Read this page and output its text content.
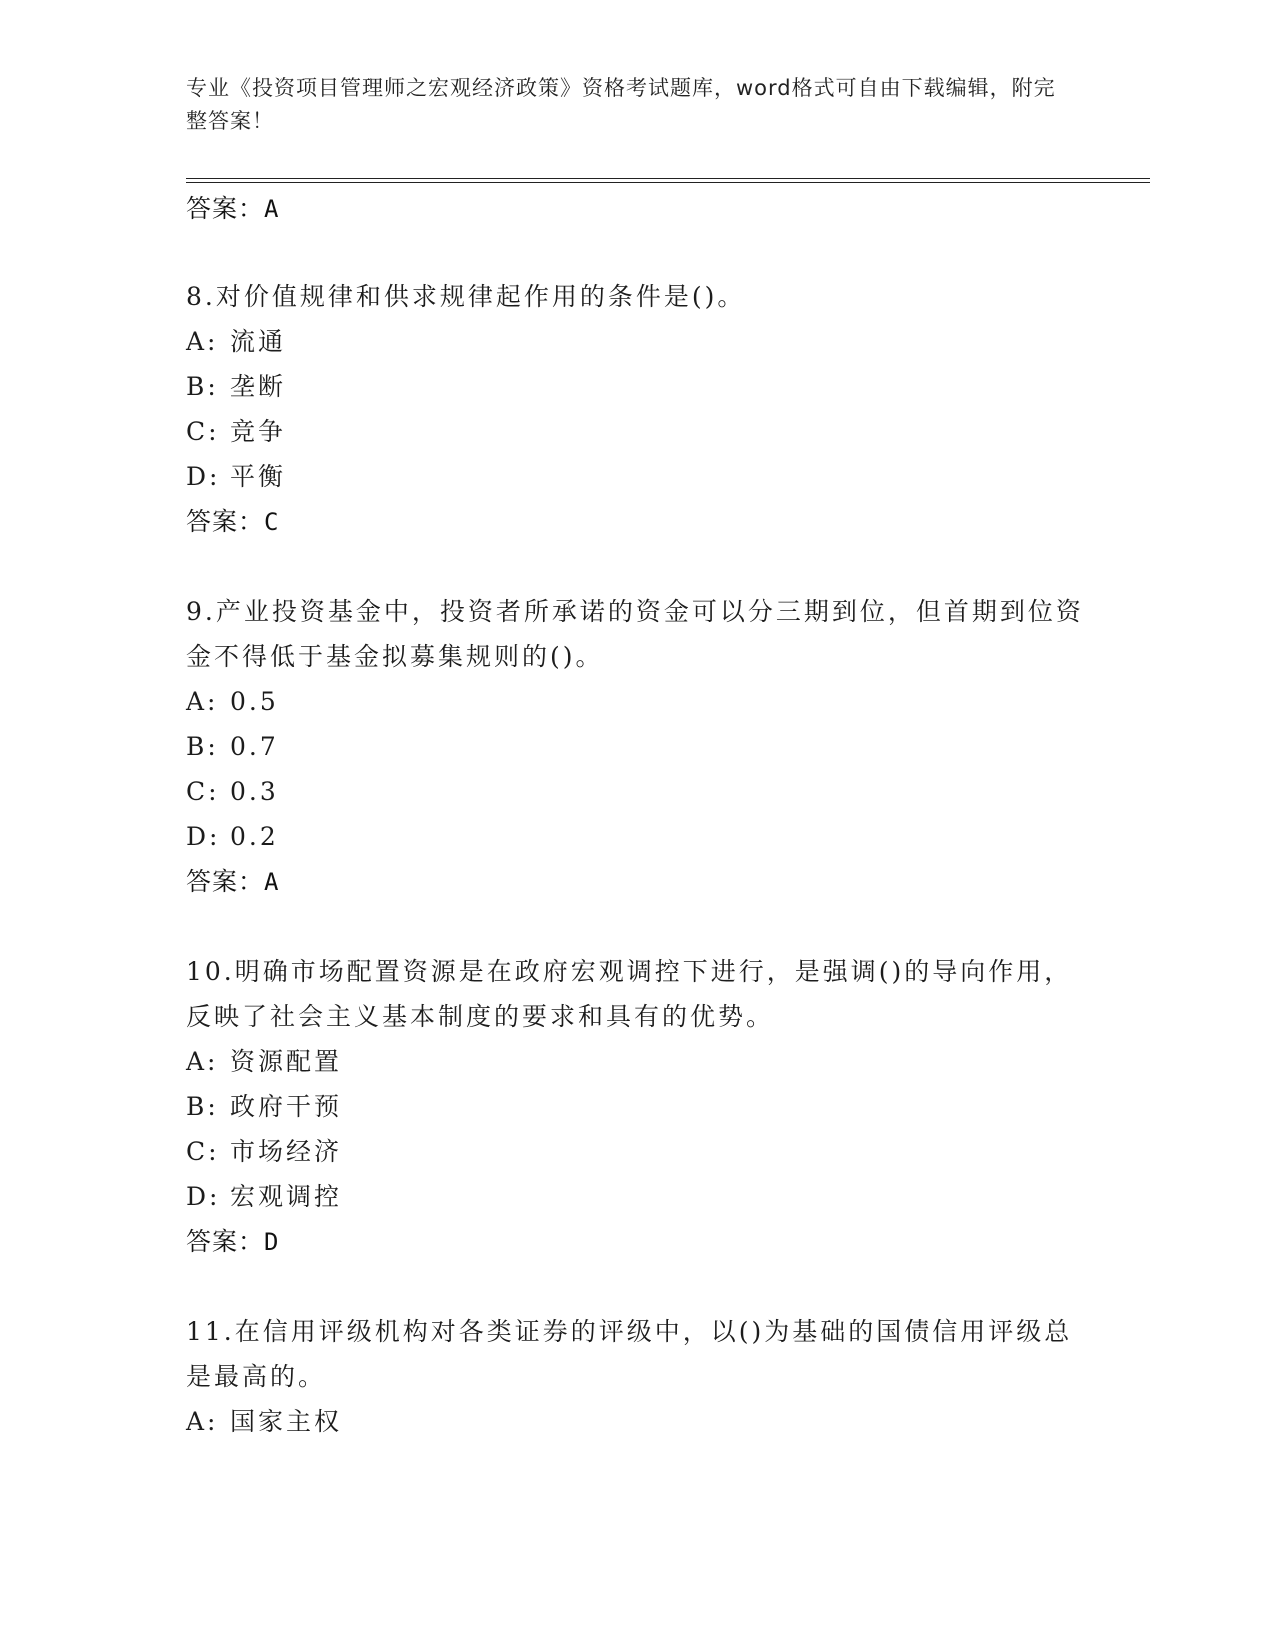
专业《投资项目管理师之宏观经济政策》资格考试题库，word格式可自由下载编辑，附完整答案！
答案：A
8.对价值规律和供求规律起作用的条件是()。
A: 流通
B: 垄断
C: 竞争
D: 平衡
答案：C
9.产业投资基金中，投资者所承诺的资金可以分三期到位，但首期到位资金不得低于基金拟募集规则的()。
A: 0.5
B: 0.7
C: 0.3
D: 0.2
答案：A
10.明确市场配置资源是在政府宏观调控下进行，是强调()的导向作用，反映了社会主义基本制度的要求和具有的优势。
A: 资源配置
B: 政府干预
C: 市场经济
D: 宏观调控
答案：D
11.在信用评级机构对各类证券的评级中，以()为基础的国债信用评级总是最高的。
A: 国家主权
